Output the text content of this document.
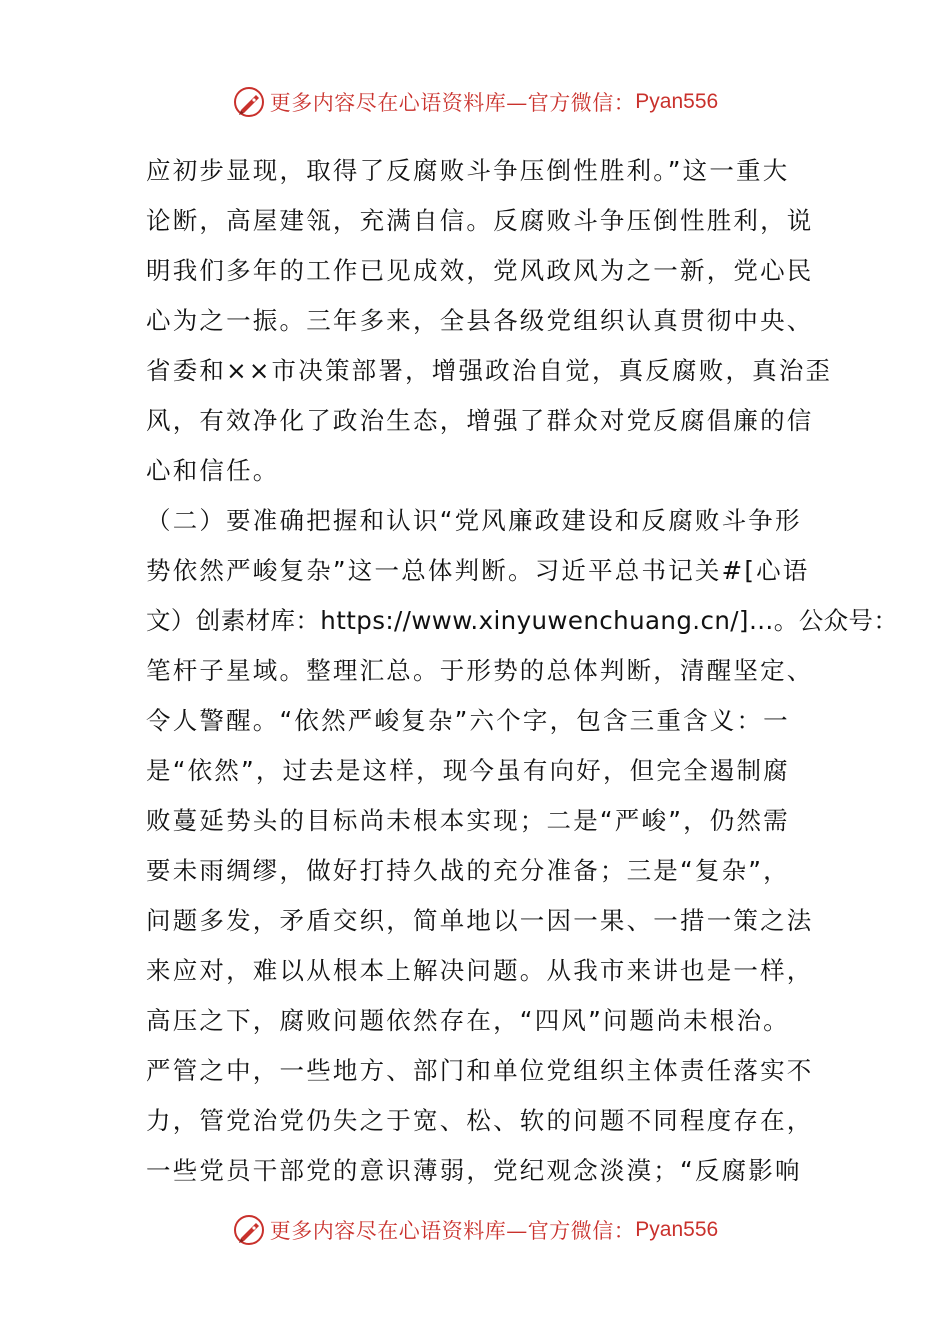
更多内容尽在心语资料库—官方微信： Pyan556
应初步显现，取得了反腐败斗争压倒性胜利。”这一重大
论断，高屋建瓴，充满自信。反腐败斗争压倒性胜利，说
明我们多年的工作已见成效，党风政风为之一新，党心民
心为之一振。三年多来，全县各级党组织认真贯彻中央、
省委和××市决策部署，增强政治自觉，真反腐败，真治歪
风，有效净化了政治生态，增强了群众对党反腐倡廉的信
心和信任。
（二）要准确把握和认识“党风廉政建设和反腐败斗争形
势依然严峻复杂”这一总体判断。习近平总书记关#[心语
文）创素材库：https://www.xinyuwenchuang.cn/]…。公众号：
笔杆子星域。整理汇总。于形势的总体判断，清醒坚定、
令人警醒。“依然严峻复杂”六个字，包含三重含义：一
是“依然”，过去是这样，现今虽有向好，但完全遏制腐
败蔓延势头的目标尚未根本实现；二是“严峻”，仍然需
要未雨绸缪，做好打持久战的充分准备；三是“复杂”，
问题多发，矛盾交织，简单地以一因一果、一措一策之法
来应对，难以从根本上解决问题。从我市来讲也是一样，
高压之下，腐败问题依然存在，“四风”问题尚未根治。
严管之中，一些地方、部门和单位党组织主体责任落实不
力，管党治党仍失之于宽、松、软的问题不同程度存在，
一些党员干部党的意识薄弱，党纪观念淡漠；“反腐影响
更多内容尽在心语资料库—官方微信： Pyan556
